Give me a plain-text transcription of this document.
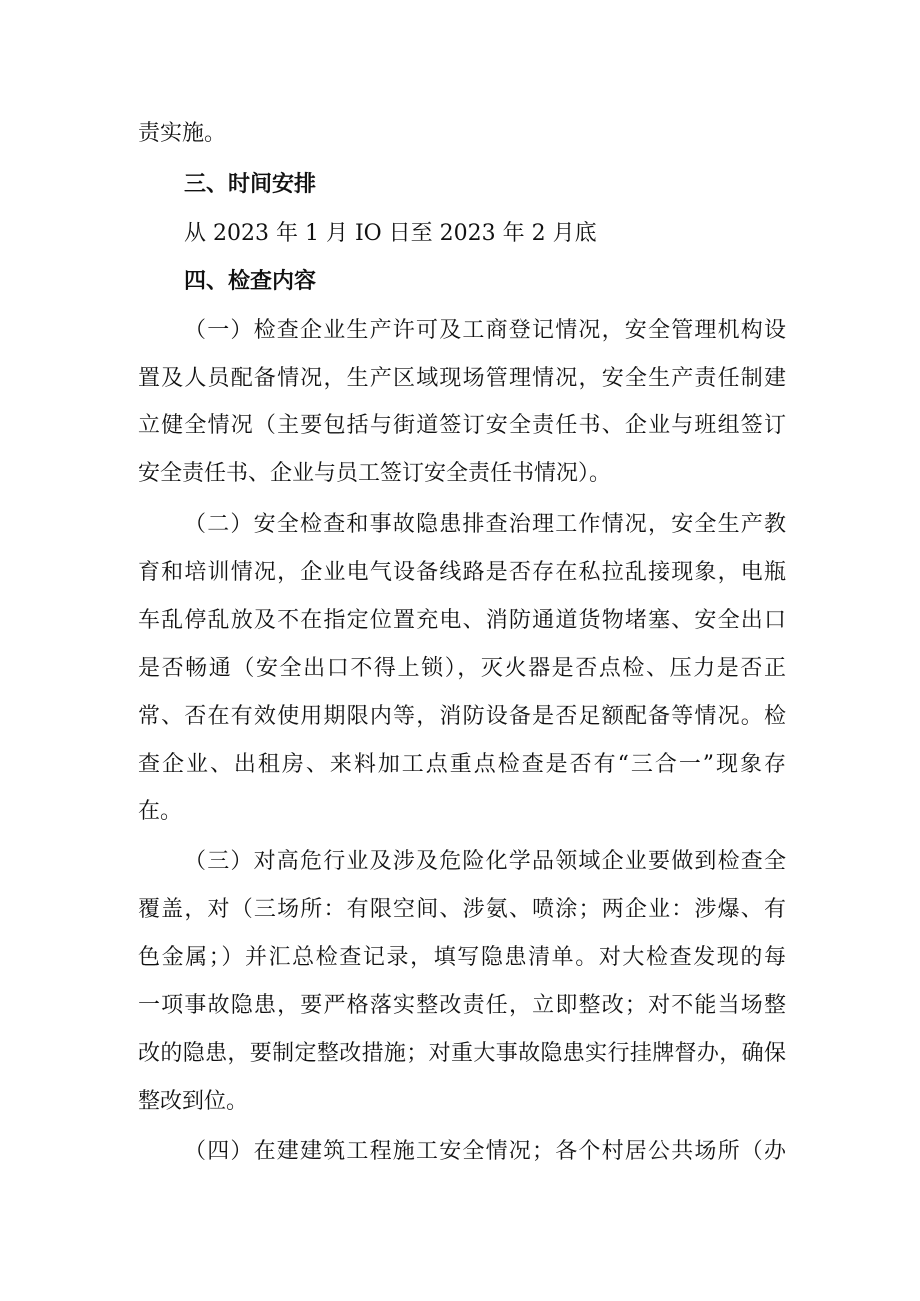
责实施。
三、时间安排
从 2023 年 1 月 IO 日至 2023 年 2 月底
四、检查内容
（一）检查企业生产许可及工商登记情况，安全管理机构设
置及人员配备情况，生产区域现场管理情况，安全生产责任制建
立健全情况（主要包括与街道签订安全责任书、企业与班组签订
安全责任书、企业与员工签订安全责任书情况）。
（二）安全检查和事故隐患排查治理工作情况，安全生产教
育和培训情况，企业电气设备线路是否存在私拉乱接现象，电瓶
车乱停乱放及不在指定位置充电、消防通道货物堵塞、安全出口
是否畅通（安全出口不得上锁），灭火器是否点检、压力是否正
常、否在有效使用期限内等，消防设备是否足额配备等情况。检
查企业、出租房、来料加工点重点检查是否有“三合一”现象存
在。
（三）对高危行业及涉及危险化学品领域企业要做到检查全
覆盖，对（三场所：有限空间、涉氨、喷涂；两企业：涉爆、有
色金属；）并汇总检查记录，填写隐患清单。对大检查发现的每
一项事故隐患，要严格落实整改责任，立即整改；对不能当场整
改的隐患，要制定整改措施；对重大事故隐患实行挂牌督办，确保
整改到位。
（四）在建建筑工程施工安全情况；各个村居公共场所（办
